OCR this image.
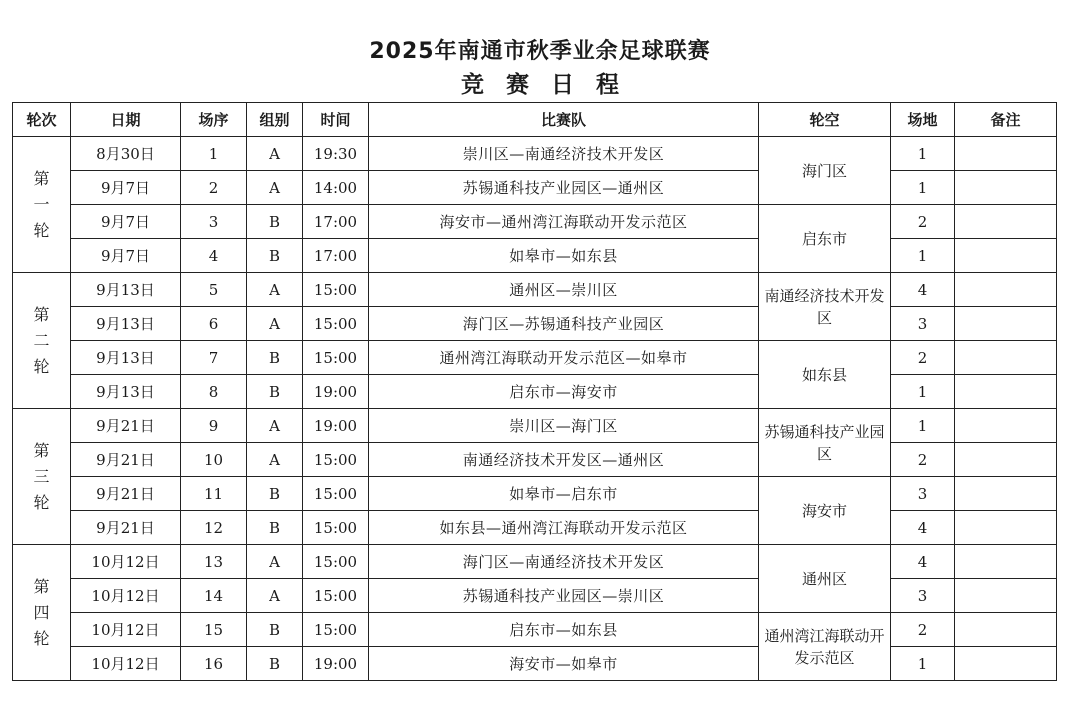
2025年南通市秋季业余足球联赛
竞赛日程
轮次	日期	场序	组别	时间	比赛队	轮空	场地	备注

第
一
轮	8月30日	1	A	19:30	崇川区—南通经济技术开发区	海门区	1	
	9月7日	2	A	14:00	苏锡通科技产业园区—通州区		1	
	9月7日	3	B	17:00	海安市—通州湾江海联动开发示范区	启东市	2	
	9月7日	4	B	17:00	如皋市—如东县		1	

第
二
轮	9月13日	5	A	15:00	通州区—崇川区	南通经济技术开发区	4	
	9月13日	6	A	15:00	海门区—苏锡通科技产业园区		3	
	9月13日	7	B	15:00	通州湾江海联动开发示范区—如皋市	如东县	2	
	9月13日	8	B	19:00	启东市—海安市		1	

第
三
轮	9月21日	9	A	19:00	崇川区—海门区	苏锡通科技产业园区	1	
	9月21日	10	A	15:00	南通经济技术开发区—通州区		2	
	9月21日	11	B	15:00	如皋市—启东市	海安市	3	
	9月21日	12	B	15:00	如东县—通州湾江海联动开发示范区		4	

第
四
轮	10月12日	13	A	15:00	海门区—南通经济技术开发区	通州区	4	
	10月12日	14	A	15:00	苏锡通科技产业园区—崇川区		3	
	10月12日	15	B	15:00	启东市—如东县	通州湾江海联动开发示范区	2	
	10月12日	16	B	19:00	海安市—如皋市		1	
